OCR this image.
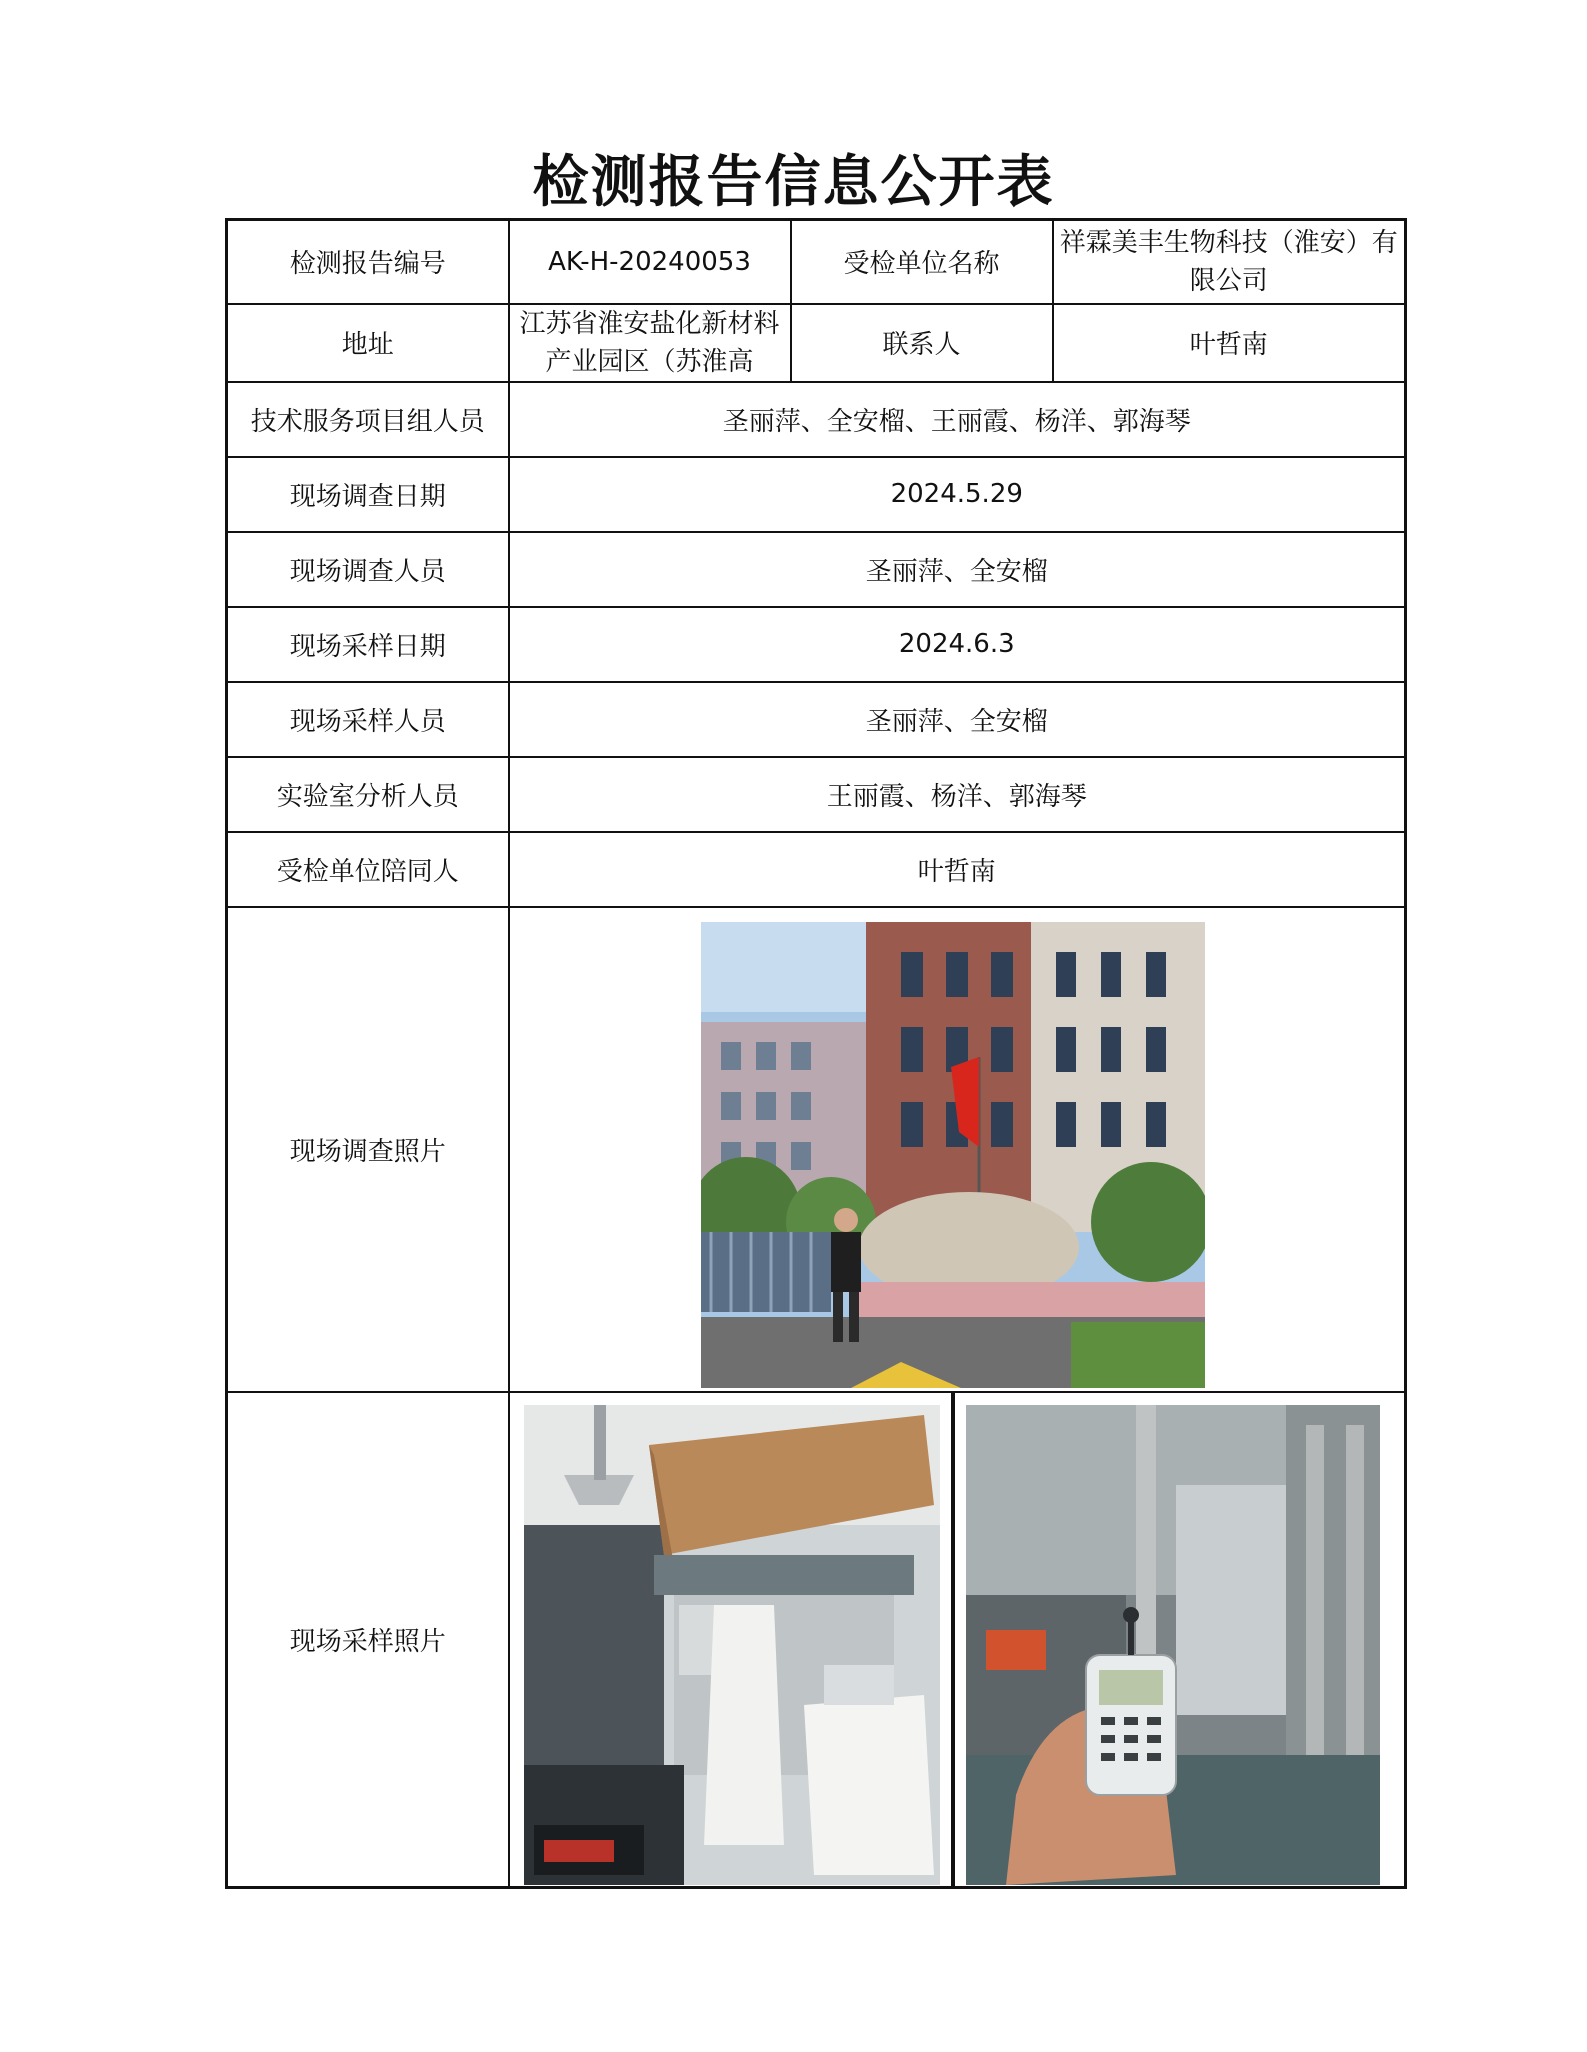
检测报告信息公开表
检测报告编号	AK-H-20240053	受检单位名称	祥霖美丰生物科技（淮安）有限公司

地址	江苏省淮安盐化新材料产业园区（苏淮高	联系人	叶哲南
技术服务项目组人员	圣丽萍、全安榴、王丽霞、杨洋、郭海琴		
现场调查日期	2024.5.29		
现场调查人员	圣丽萍、全安榴		
现场采样日期	2024.6.3		
现场采样人员	圣丽萍、全安榴		
实验室分析人员	王丽霞、杨洋、郭海琴		
受检单位陪同人	叶哲南		
现场调查照片	

现场采样照片	
